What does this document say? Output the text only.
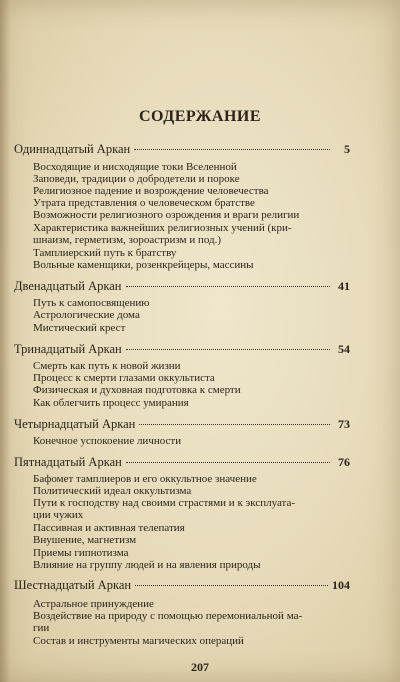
СОДЕРЖАНИЕ
Одиннадцатый Аркан	5
Восходящие и нисходящие токи Вселенной
Заповеди, традиции о добродетели и пороке
Религиозное падение и возрождение человечества
Утрата представления о человеческом братстве
Возможности религиозного озрождения и враги религии
Характеристика важнейших религиозных учений (кри-
шнаизм, герметизм, зороастризм и под.)
Тамплиерский путь к братству
Вольные каменщики, розенкрейцеры, массины
Двенадцатый Аркан	41
Путь к самопосвящению
Астрологические дома
Мистический крест
Тринадцатый Аркан	54
Смерть как путь к новой жизни
Процесс к смерти глазами оккультиста
Физическая и духовная подготовка к смерти
Как облегчить процесс умирания
Четырнадцатый Аркан	73
Конечное успокоение личности
Пятнадцатый Аркан	76
Бафомет тамплиеров и его оккультное значение
Политический идеал оккультизма
Пути к господству над своими страстями и к эксплуата-
ции чужих
Пассивная и активная телепатия
Внушение, магнетизм
Приемы гипнотизма
Влияние на группу людей и на явления природы
Шестнадцатый Аркан	104
Астральное принуждение
Воздействие на природу с помощью перемониальной ма-
гии
Состав и инструменты магических операций
207
